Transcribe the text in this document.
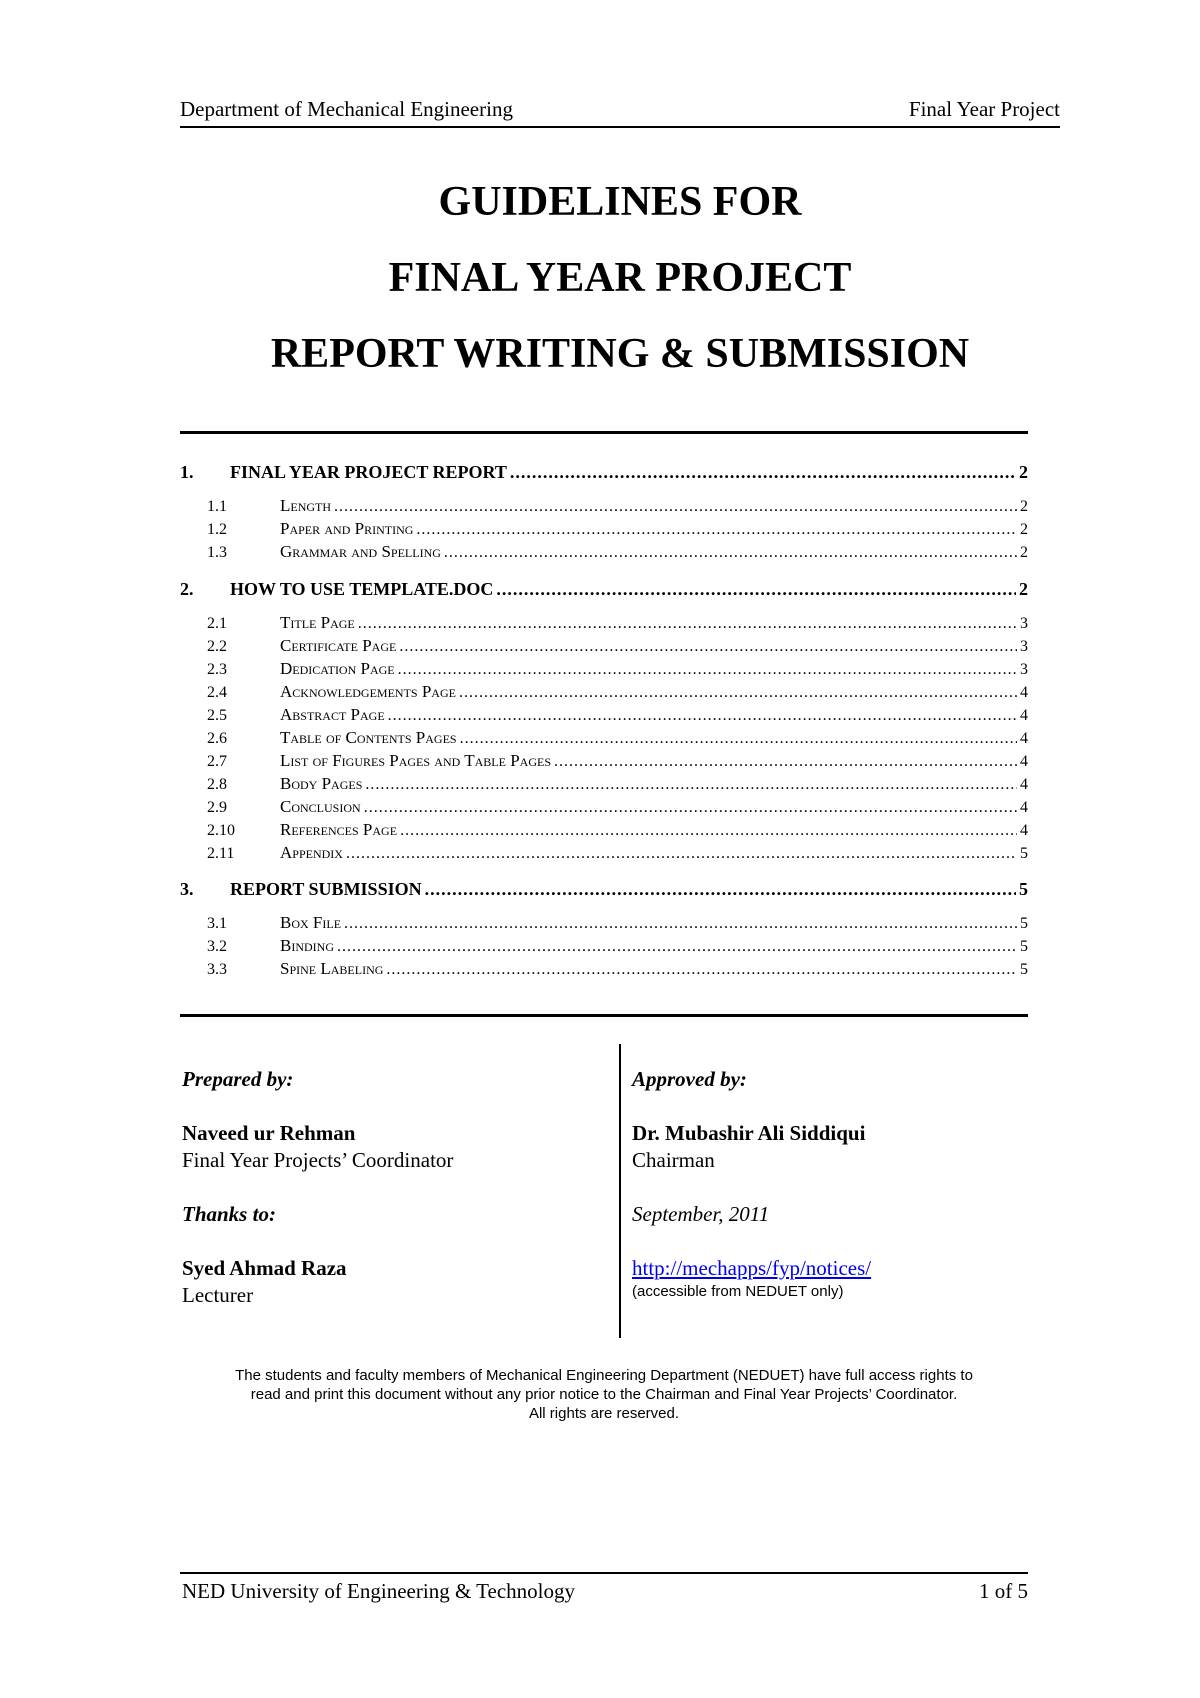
Department of Mechanical Engineering	Final Year Project
GUIDELINES FOR
FINAL YEAR PROJECT
REPORT WRITING & SUBMISSION
1.	FINAL YEAR PROJECT REPORT .....	2
1.1	Length .....	2
1.2	Paper and Printing .....	2
1.3	Grammar and Spelling .....	2
2.	HOW TO USE TEMPLATE.DOC .....	2
2.1	Title Page .....	3
2.2	Certificate Page .....	3
2.3	Dedication Page .....	3
2.4	Acknowledgements Page .....	4
2.5	Abstract Page .....	4
2.6	Table of Contents Pages .....	4
2.7	List of Figures Pages and Table Pages .....	4
2.8	Body Pages .....	4
2.9	Conclusion .....	4
2.10	References Page .....	4
2.11	Appendix .....	5
3.	REPORT SUBMISSION .....	5
3.1	Box File .....	5
3.2	Binding .....	5
3.3	Spine Labeling .....	5
Prepared by:
Naveed ur Rehman
Final Year Projects’ Coordinator
Thanks to:
Syed Ahmad Raza
Lecturer
Approved by:
Dr. Mubashir Ali Siddiqui
Chairman
September, 2011
http://mechapps/fyp/notices/
(accessible from NEDUET only)
The students and faculty members of Mechanical Engineering Department (NEDUET) have full access rights to
read and print this document without any prior notice to the Chairman and Final Year Projects’ Coordinator.
All rights are reserved.
NED University of Engineering & Technology	1 of 5
